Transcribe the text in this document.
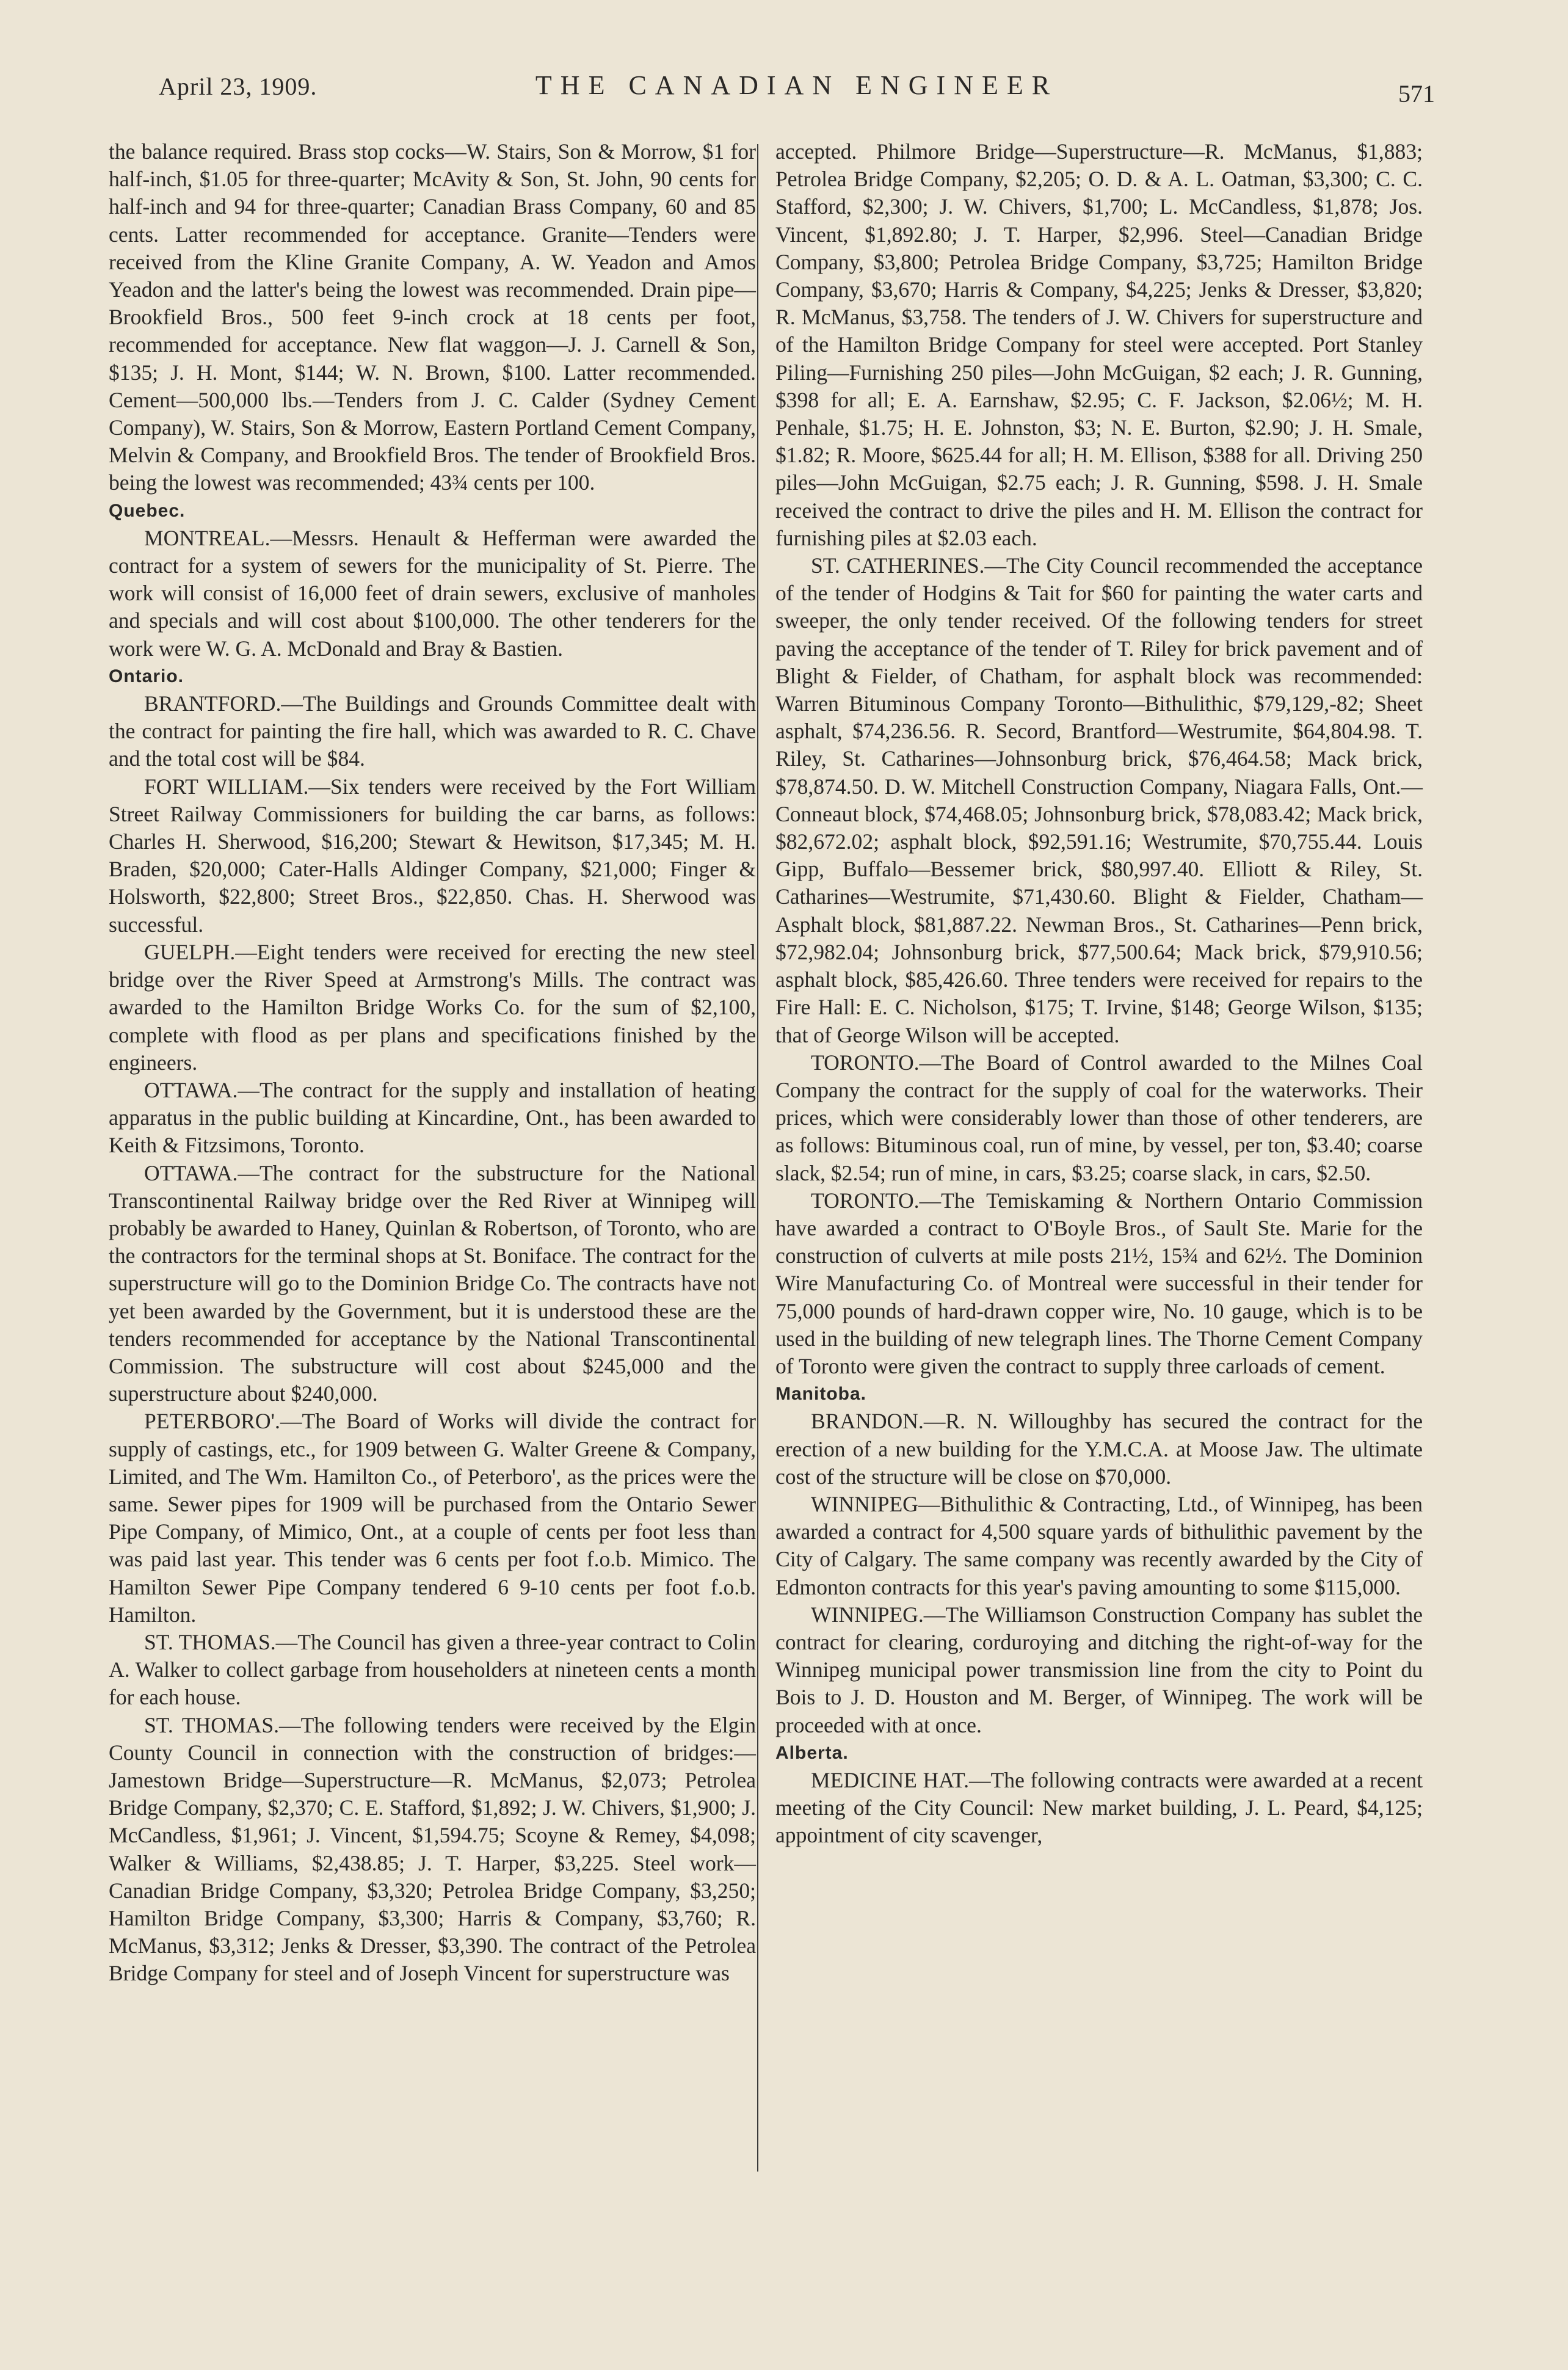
April 23, 1909.	THE CANADIAN ENGINEER	571

the balance required. Brass stop cocks—W. Stairs, Son & Morrow, $1 for half-inch, $1.05 for three-quarter; McAvity & Son, St. John, 90 cents for half-inch and 94 for three-quarter; Canadian Brass Company, 60 and 85 cents. Latter recommended for acceptance. Granite—Tenders were received from the Kline Granite Company, A. W. Yeadon and Amos Yeadon and the latter's being the lowest was recommended. Drain pipe—Brookfield Bros., 500 feet 9-inch crock at 18 cents per foot, recommended for acceptance. New flat waggon—J. J. Carnell & Son, $135; J. H. Mont, $144; W. N. Brown, $100. Latter recommended. Cement—500,000 lbs.—Tenders from J. C. Calder (Sydney Cement Company), W. Stairs, Son & Morrow, Eastern Portland Cement Company, Melvin & Company, and Brookfield Bros. The tender of Brookfield Bros. being the lowest was recommended; 43¾ cents per 100.

Quebec.

MONTREAL.—Messrs. Henault & Hefferman were awarded the contract for a system of sewers for the municipality of St. Pierre. The work will consist of 16,000 feet of drain sewers, exclusive of manholes and specials and will cost about $100,000. The other tenderers for the work were W. G. A. McDonald and Bray & Bastien.

Ontario.

BRANTFORD.—The Buildings and Grounds Committee dealt with the contract for painting the fire hall, which was awarded to R. C. Chave and the total cost will be $84.

FORT WILLIAM.—Six tenders were received by the Fort William Street Railway Commissioners for building the car barns, as follows: Charles H. Sherwood, $16,200; Stewart & Hewitson, $17,345; M. H. Braden, $20,000; Cater-Halls Aldinger Company, $21,000; Finger & Holsworth, $22,800; Street Bros., $22,850. Chas. H. Sherwood was successful.

GUELPH.—Eight tenders were received for erecting the new steel bridge over the River Speed at Armstrong's Mills. The contract was awarded to the Hamilton Bridge Works Co. for the sum of $2,100, complete with flood as per plans and specifications finished by the engineers.

OTTAWA.—The contract for the supply and installation of heating apparatus in the public building at Kincardine, Ont., has been awarded to Keith & Fitzsimons, Toronto.

OTTAWA.—The contract for the substructure for the National Transcontinental Railway bridge over the Red River at Winnipeg will probably be awarded to Haney, Quinlan & Robertson, of Toronto, who are the contractors for the terminal shops at St. Boniface. The contract for the superstructure will go to the Dominion Bridge Co. The contracts have not yet been awarded by the Government, but it is understood these are the tenders recommended for acceptance by the National Transcontinental Commission. The substructure will cost about $245,000 and the superstructure about $240,000.

PETERBORO'.—The Board of Works will divide the contract for supply of castings, etc., for 1909 between G. Walter Greene & Company, Limited, and The Wm. Hamilton Co., of Peterboro', as the prices were the same. Sewer pipes for 1909 will be purchased from the Ontario Sewer Pipe Company, of Mimico, Ont., at a couple of cents per foot less than was paid last year. This tender was 6 cents per foot f.o.b. Mimico. The Hamilton Sewer Pipe Company tendered 6 9-10 cents per foot f.o.b. Hamilton.

ST. THOMAS.—The Council has given a three-year contract to Colin A. Walker to collect garbage from householders at nineteen cents a month for each house.

ST. THOMAS.—The following tenders were received by the Elgin County Council in connection with the construction of bridges:—Jamestown Bridge—Superstructure—R. McManus, $2,073; Petrolea Bridge Company, $2,370; C. E. Stafford, $1,892; J. W. Chivers, $1,900; J. McCandless, $1,961; J. Vincent, $1,594.75; Scoyne & Remey, $4,098; Walker & Williams, $2,438.85; J. T. Harper, $3,225. Steel work—Canadian Bridge Company, $3,320; Petrolea Bridge Company, $3,250; Hamilton Bridge Company, $3,300; Harris & Company, $3,760; R. McManus, $3,312; Jenks & Dresser, $3,390. The contract of the Petrolea Bridge Company for steel and of Joseph Vincent for superstructure was

accepted. Philmore Bridge—Superstructure—R. McManus, $1,883; Petrolea Bridge Company, $2,205; O. D. & A. L. Oatman, $3,300; C. C. Stafford, $2,300; J. W. Chivers, $1,700; L. McCandless, $1,878; Jos. Vincent, $1,892.80; J. T. Harper, $2,996. Steel—Canadian Bridge Company, $3,800; Petrolea Bridge Company, $3,725; Hamilton Bridge Company, $3,670; Harris & Company, $4,225; Jenks & Dresser, $3,820; R. McManus, $3,758. The tenders of J. W. Chivers for superstructure and of the Hamilton Bridge Company for steel were accepted. Port Stanley Piling—Furnishing 250 piles—John McGuigan, $2 each; J. R. Gunning, $398 for all; E. A. Earnshaw, $2.95; C. F. Jackson, $2.06½; M. H. Penhale, $1.75; H. E. Johnston, $3; N. E. Burton, $2.90; J. H. Smale, $1.82; R. Moore, $625.44 for all; H. M. Ellison, $388 for all. Driving 250 piles—John McGuigan, $2.75 each; J. R. Gunning, $598. J. H. Smale received the contract to drive the piles and H. M. Ellison the contract for furnishing piles at $2.03 each.

ST. CATHERINES.—The City Council recommended the acceptance of the tender of Hodgins & Tait for $60 for painting the water carts and sweeper, the only tender received. Of the following tenders for street paving the acceptance of the tender of T. Riley for brick pavement and of Blight & Fielder, of Chatham, for asphalt block was recommended: Warren Bituminous Company Toronto—Bithulithic, $79,129,-82; Sheet asphalt, $74,236.56. R. Secord, Brantford—Westrumite, $64,804.98. T. Riley, St. Catharines—Johnsonburg brick, $76,464.58; Mack brick, $78,874.50. D. W. Mitchell Construction Company, Niagara Falls, Ont.—Conneaut block, $74,468.05; Johnsonburg brick, $78,083.42; Mack brick, $82,672.02; asphalt block, $92,591.16; Westrumite, $70,755.44. Louis Gipp, Buffalo—Bessemer brick, $80,997.40. Elliott & Riley, St. Catharines—Westrumite, $71,430.60. Blight & Fielder, Chatham—Asphalt block, $81,887.22. Newman Bros., St. Catharines—Penn brick, $72,982.04; Johnsonburg brick, $77,500.64; Mack brick, $79,910.56; asphalt block, $85,426.60. Three tenders were received for repairs to the Fire Hall: E. C. Nicholson, $175; T. Irvine, $148; George Wilson, $135; that of George Wilson will be accepted.

TORONTO.—The Board of Control awarded to the Milnes Coal Company the contract for the supply of coal for the waterworks. Their prices, which were considerably lower than those of other tenderers, are as follows: Bituminous coal, run of mine, by vessel, per ton, $3.40; coarse slack, $2.54; run of mine, in cars, $3.25; coarse slack, in cars, $2.50.

TORONTO.—The Temiskaming & Northern Ontario Commission have awarded a contract to O'Boyle Bros., of Sault Ste. Marie for the construction of culverts at mile posts 21½, 15¾ and 62½. The Dominion Wire Manufacturing Co. of Montreal were successful in their tender for 75,000 pounds of hard-drawn copper wire, No. 10 gauge, which is to be used in the building of new telegraph lines. The Thorne Cement Company of Toronto were given the contract to supply three carloads of cement.

Manitoba.

BRANDON.—R. N. Willoughby has secured the contract for the erection of a new building for the Y.M.C.A. at Moose Jaw. The ultimate cost of the structure will be close on $70,000.

WINNIPEG—Bithulithic & Contracting, Ltd., of Winnipeg, has been awarded a contract for 4,500 square yards of bithulithic pavement by the City of Calgary. The same company was recently awarded by the City of Edmonton contracts for this year's paving amounting to some $115,000.

WINNIPEG.—The Williamson Construction Company has sublet the contract for clearing, corduroying and ditching the right-of-way for the Winnipeg municipal power transmission line from the city to Point du Bois to J. D. Houston and M. Berger, of Winnipeg. The work will be proceeded with at once.

Alberta.

MEDICINE HAT.—The following contracts were awarded at a recent meeting of the City Council: New market building, J. L. Peard, $4,125; appointment of city scavenger,
